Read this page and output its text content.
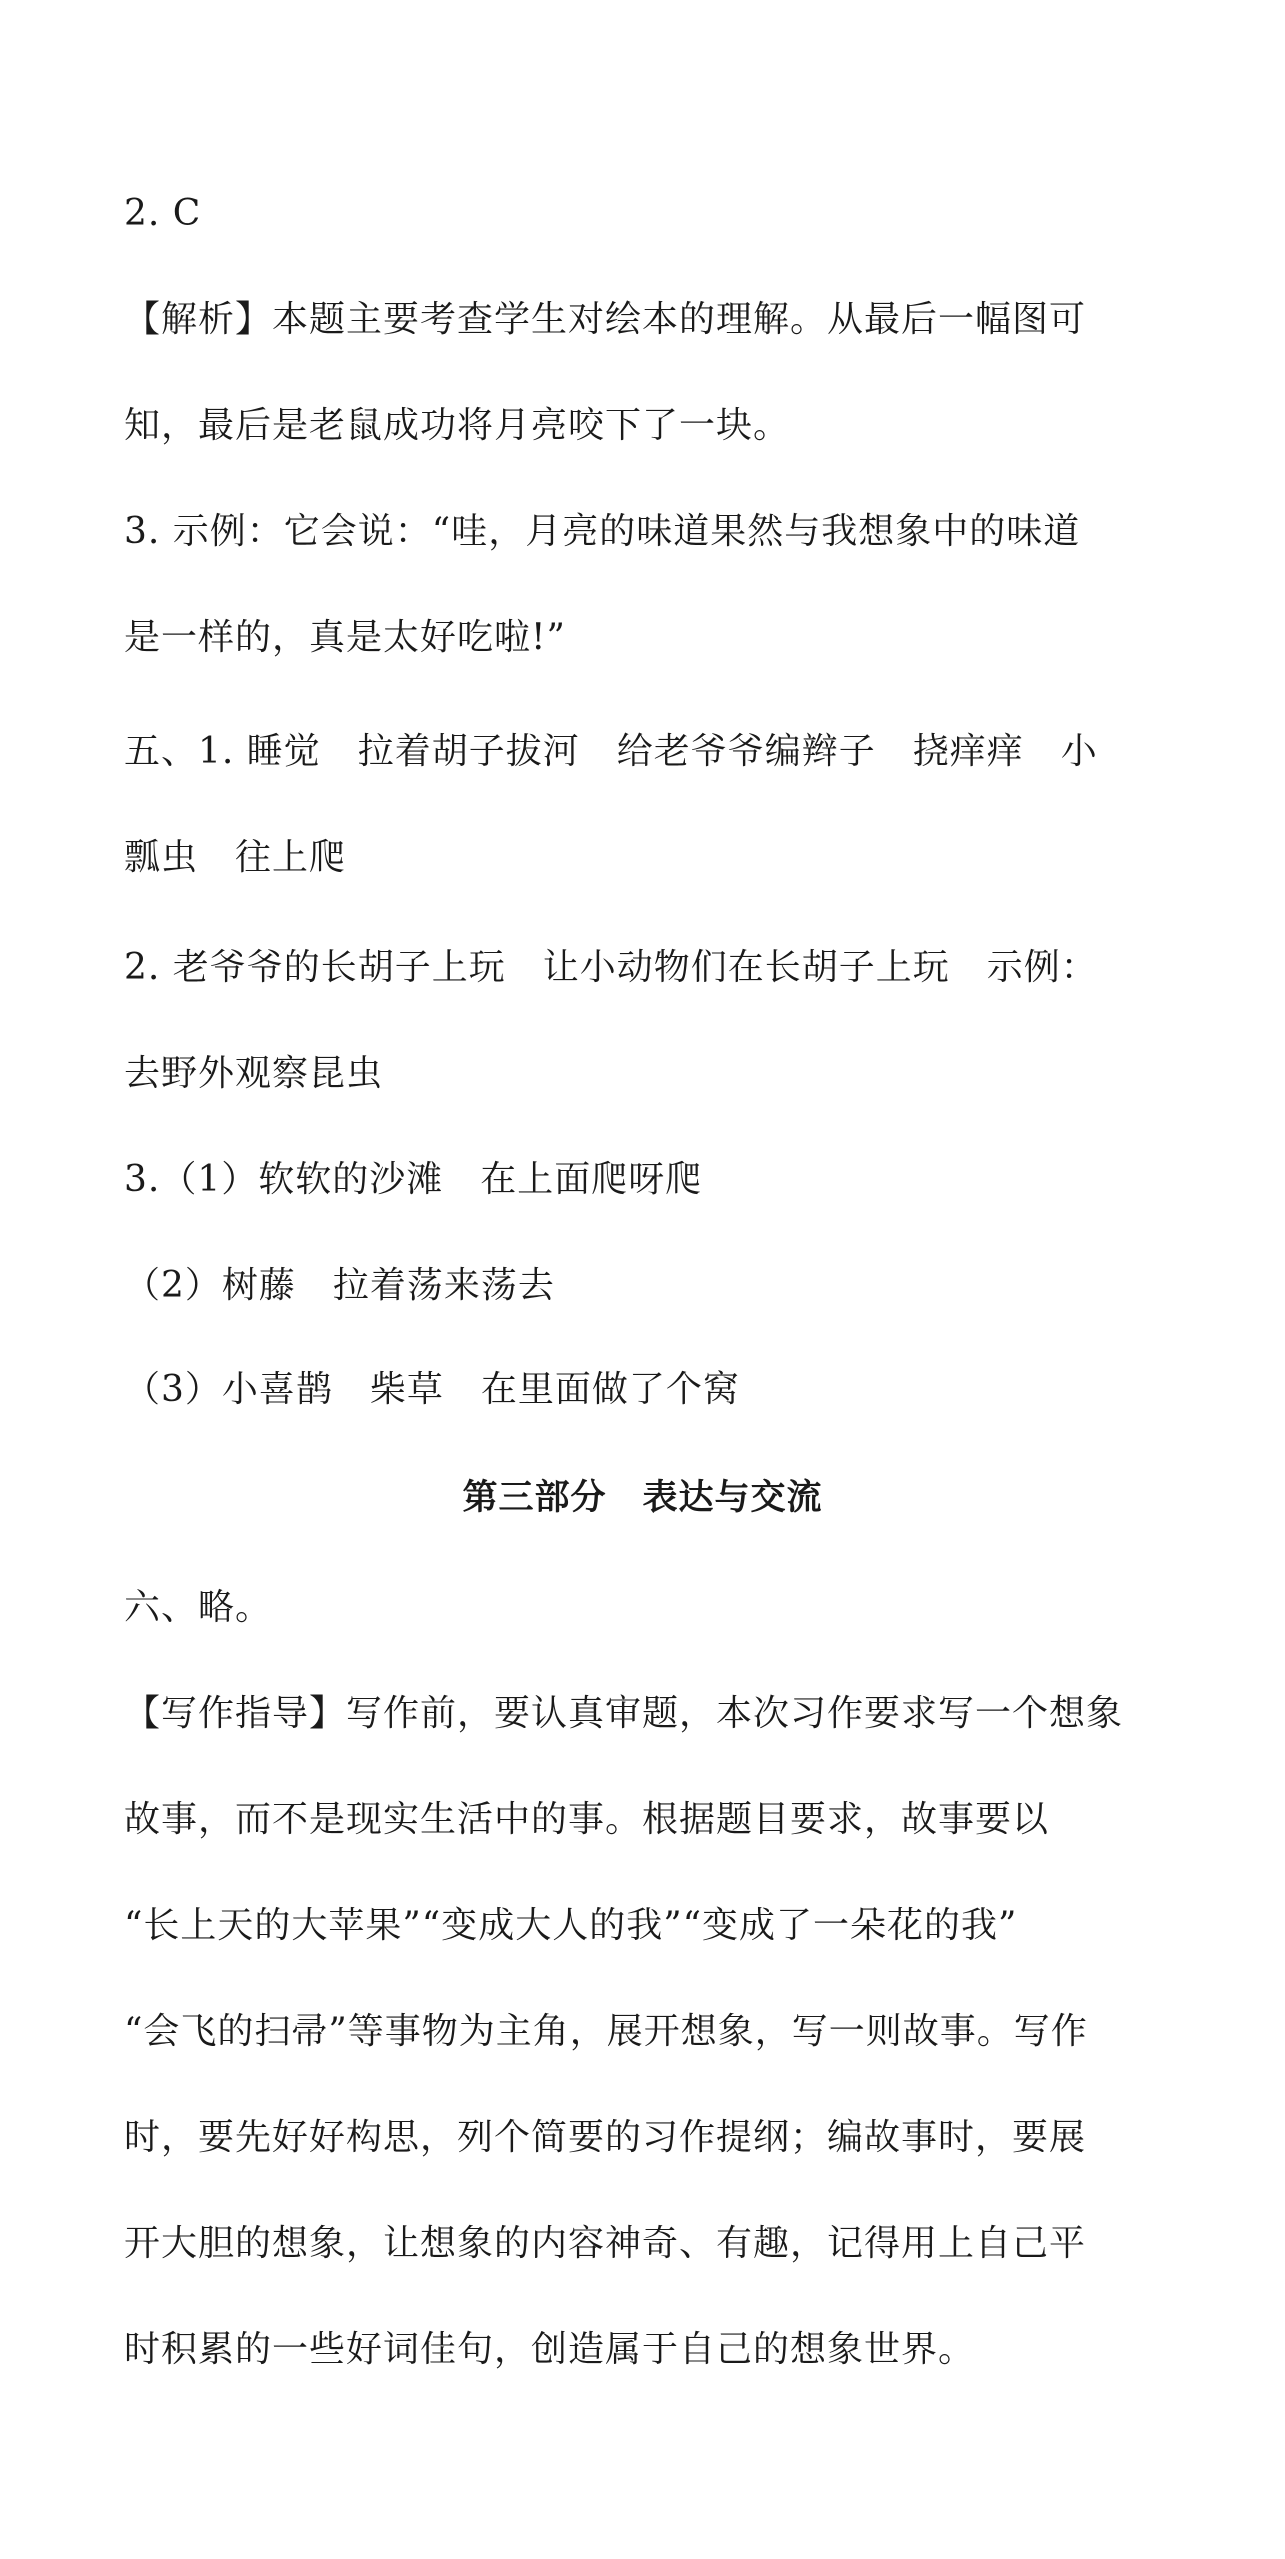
2. C
【解析】本题主要考查学生对绘本的理解。从最后一幅图可
知，最后是老鼠成功将月亮咬下了一块。
3. 示例：它会说：“哇，月亮的味道果然与我想象中的味道
是一样的，真是太好吃啦!”
五、1. 睡觉　拉着胡子拔河　给老爷爷编辫子　挠痒痒　小
瓢虫　往上爬
2. 老爷爷的长胡子上玩　让小动物们在长胡子上玩　示例：
去野外观察昆虫
3.（1）软软的沙滩　在上面爬呀爬
（2）树藤　拉着荡来荡去
（3）小喜鹊　柴草　在里面做了个窝
第三部分　表达与交流
六、略。
【写作指导】写作前，要认真审题，本次习作要求写一个想象
故事，而不是现实生活中的事。根据题目要求，故事要以
“长上天的大苹果”“变成大人的我”“变成了一朵花的我”
“会飞的扫帚”等事物为主角，展开想象，写一则故事。写作
时，要先好好构思，列个简要的习作提纲；编故事时，要展
开大胆的想象，让想象的内容神奇、有趣，记得用上自己平
时积累的一些好词佳句，创造属于自己的想象世界。
